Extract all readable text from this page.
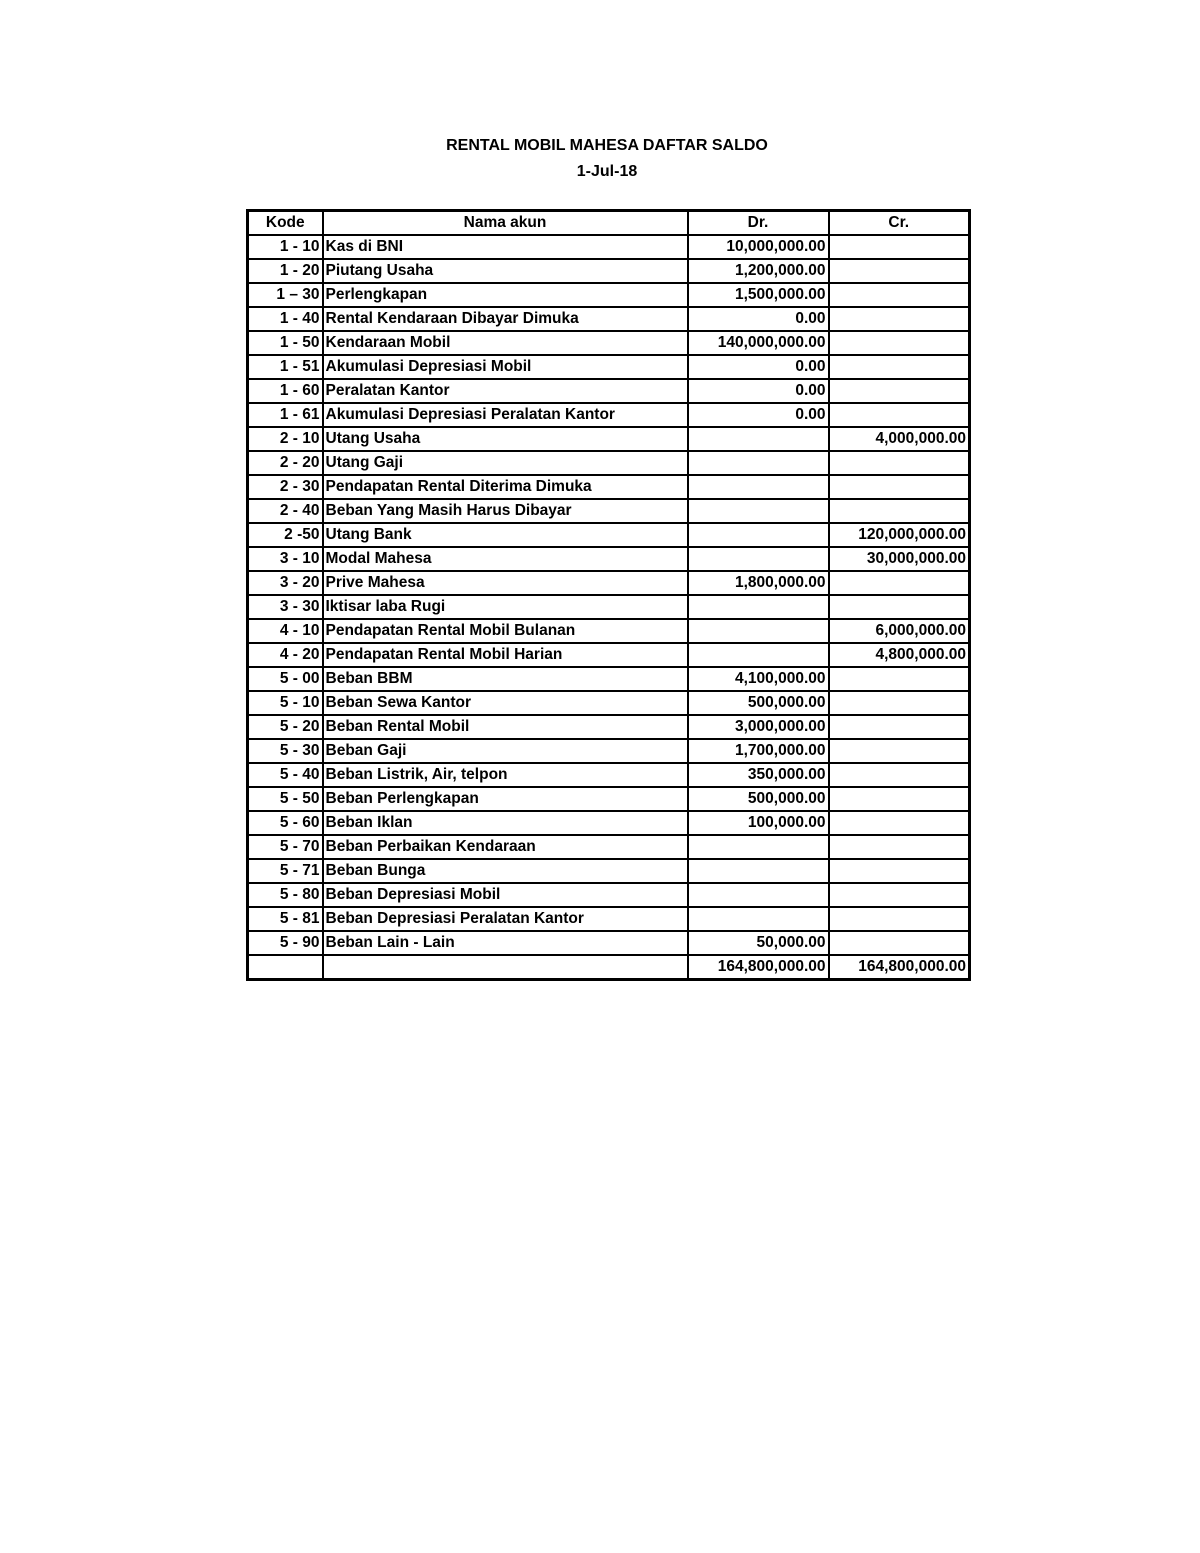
RENTAL MOBIL MAHESA DAFTAR SALDO
1-Jul-18
Kode	Nama akun	Dr.	Cr.
1 - 10	Kas di BNI	10,000,000.00	
1 - 20	Piutang Usaha	1,200,000.00	
1 – 30	Perlengkapan	1,500,000.00	
1 - 40	Rental Kendaraan Dibayar Dimuka	0.00	
1 - 50	Kendaraan Mobil	140,000,000.00	
1 - 51	Akumulasi Depresiasi Mobil	0.00	
1 - 60	Peralatan Kantor	0.00	
1 - 61	Akumulasi Depresiasi Peralatan Kantor	0.00	
2 - 10	Utang Usaha		4,000,000.00
2 - 20	Utang Gaji		
2 - 30	Pendapatan Rental Diterima Dimuka		
2 - 40	Beban Yang Masih Harus Dibayar		
2 -50	Utang Bank		120,000,000.00
3 - 10	Modal Mahesa		30,000,000.00
3 - 20	Prive Mahesa	1,800,000.00	
3 - 30	Iktisar laba Rugi		
4 - 10	Pendapatan Rental Mobil Bulanan		6,000,000.00
4 - 20	Pendapatan Rental Mobil Harian		4,800,000.00
5 - 00	Beban BBM	4,100,000.00	
5 - 10	Beban Sewa Kantor	500,000.00	
5 - 20	Beban Rental Mobil	3,000,000.00	
5 - 30	Beban Gaji	1,700,000.00	
5 - 40	Beban Listrik, Air, telpon	350,000.00	
5 - 50	Beban Perlengkapan	500,000.00	
5 - 60	Beban Iklan	100,000.00	
5 - 70	Beban Perbaikan Kendaraan		
5 - 71	Beban Bunga		
5 - 80	Beban Depresiasi Mobil		
5 - 81	Beban Depresiasi Peralatan Kantor		
5 - 90	Beban Lain - Lain	50,000.00	
		164,800,000.00	164,800,000.00
